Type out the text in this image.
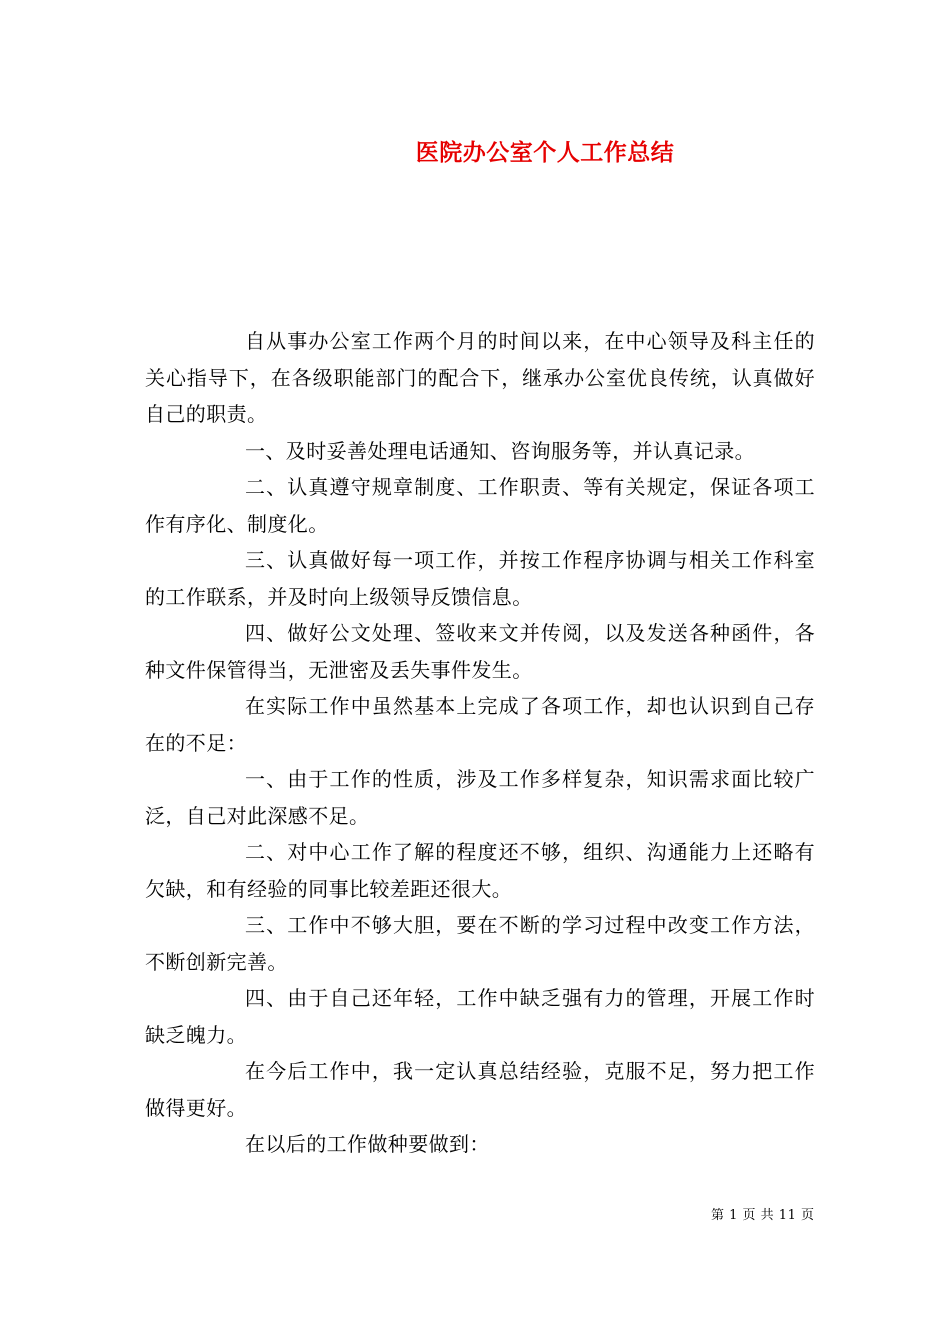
医院办公室个人工作总结

自从事办公室工作两个月的时间以来，在中心领导及科主任的关心指导下，在各级职能部门的配合下，继承办公室优良传统，认真做好自己的职责。

一、及时妥善处理电话通知、咨询服务等，并认真记录。

二、认真遵守规章制度、工作职责、等有关规定，保证各项工作有序化、制度化。

三、认真做好每一项工作，并按工作程序协调与相关工作科室的工作联系，并及时向上级领导反馈信息。

四、做好公文处理、签收来文并传阅，以及发送各种函件，各种文件保管得当，无泄密及丢失事件发生。

在实际工作中虽然基本上完成了各项工作，却也认识到自己存在的不足：

一、由于工作的性质，涉及工作多样复杂，知识需求面比较广泛，自己对此深感不足。

二、对中心工作了解的程度还不够，组织、沟通能力上还略有欠缺，和有经验的同事比较差距还很大。

三、工作中不够大胆，要在不断的学习过程中改变工作方法，不断创新完善。

四、由于自己还年轻，工作中缺乏强有力的管理，开展工作时缺乏魄力。

在今后工作中，我一定认真总结经验，克服不足，努力把工作做得更好。

在以后的工作做种要做到：

第 1 页 共 11 页
